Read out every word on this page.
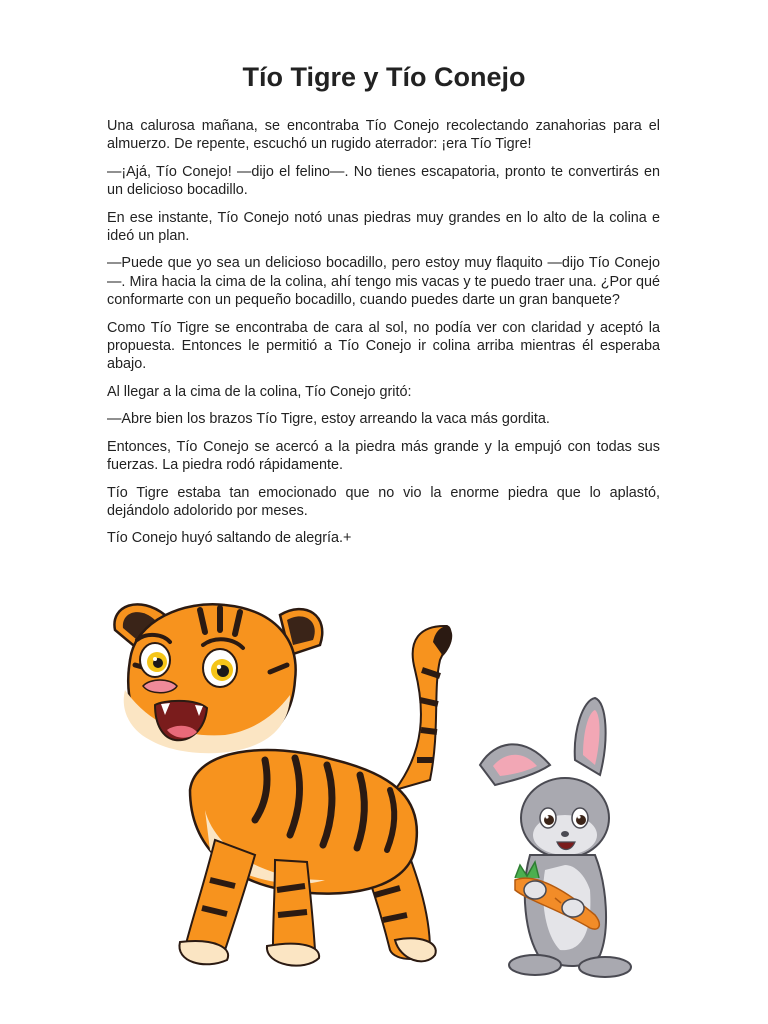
Tío Tigre y Tío Conejo

Una calurosa mañana, se encontraba Tío Conejo recolectando zanahorias para el almuerzo. De repente, escuchó un rugido aterrador: ¡era Tío Tigre!

—¡Ajá, Tío Conejo! —dijo el felino—. No tienes escapatoria, pronto te convertirás en un delicioso bocadillo.

En ese instante, Tío Conejo notó unas piedras muy grandes en lo alto de la colina e ideó un plan.

—Puede que yo sea un delicioso bocadillo, pero estoy muy flaquito —dijo Tío Conejo—. Mira hacia la cima de la colina, ahí tengo mis vacas y te puedo traer una. ¿Por qué conformarte con un pequeño bocadillo, cuando puedes darte un gran banquete?

Como Tío Tigre se encontraba de cara al sol, no podía ver con claridad y aceptó la propuesta. Entonces le permitió a Tío Conejo ir colina arriba mientras él esperaba abajo.

Al llegar a la cima de la colina, Tío Conejo gritó:

—Abre bien los brazos Tío Tigre, estoy arreando la vaca más gordita.

Entonces, Tío Conejo se acercó a la piedra más grande y la empujó con todas sus fuerzas. La piedra rodó rápidamente.

Tío Tigre estaba tan emocionado que no vio la enorme piedra que lo aplastó, dejándolo adolorido por meses.

Tío Conejo huyó saltando de alegría.+
